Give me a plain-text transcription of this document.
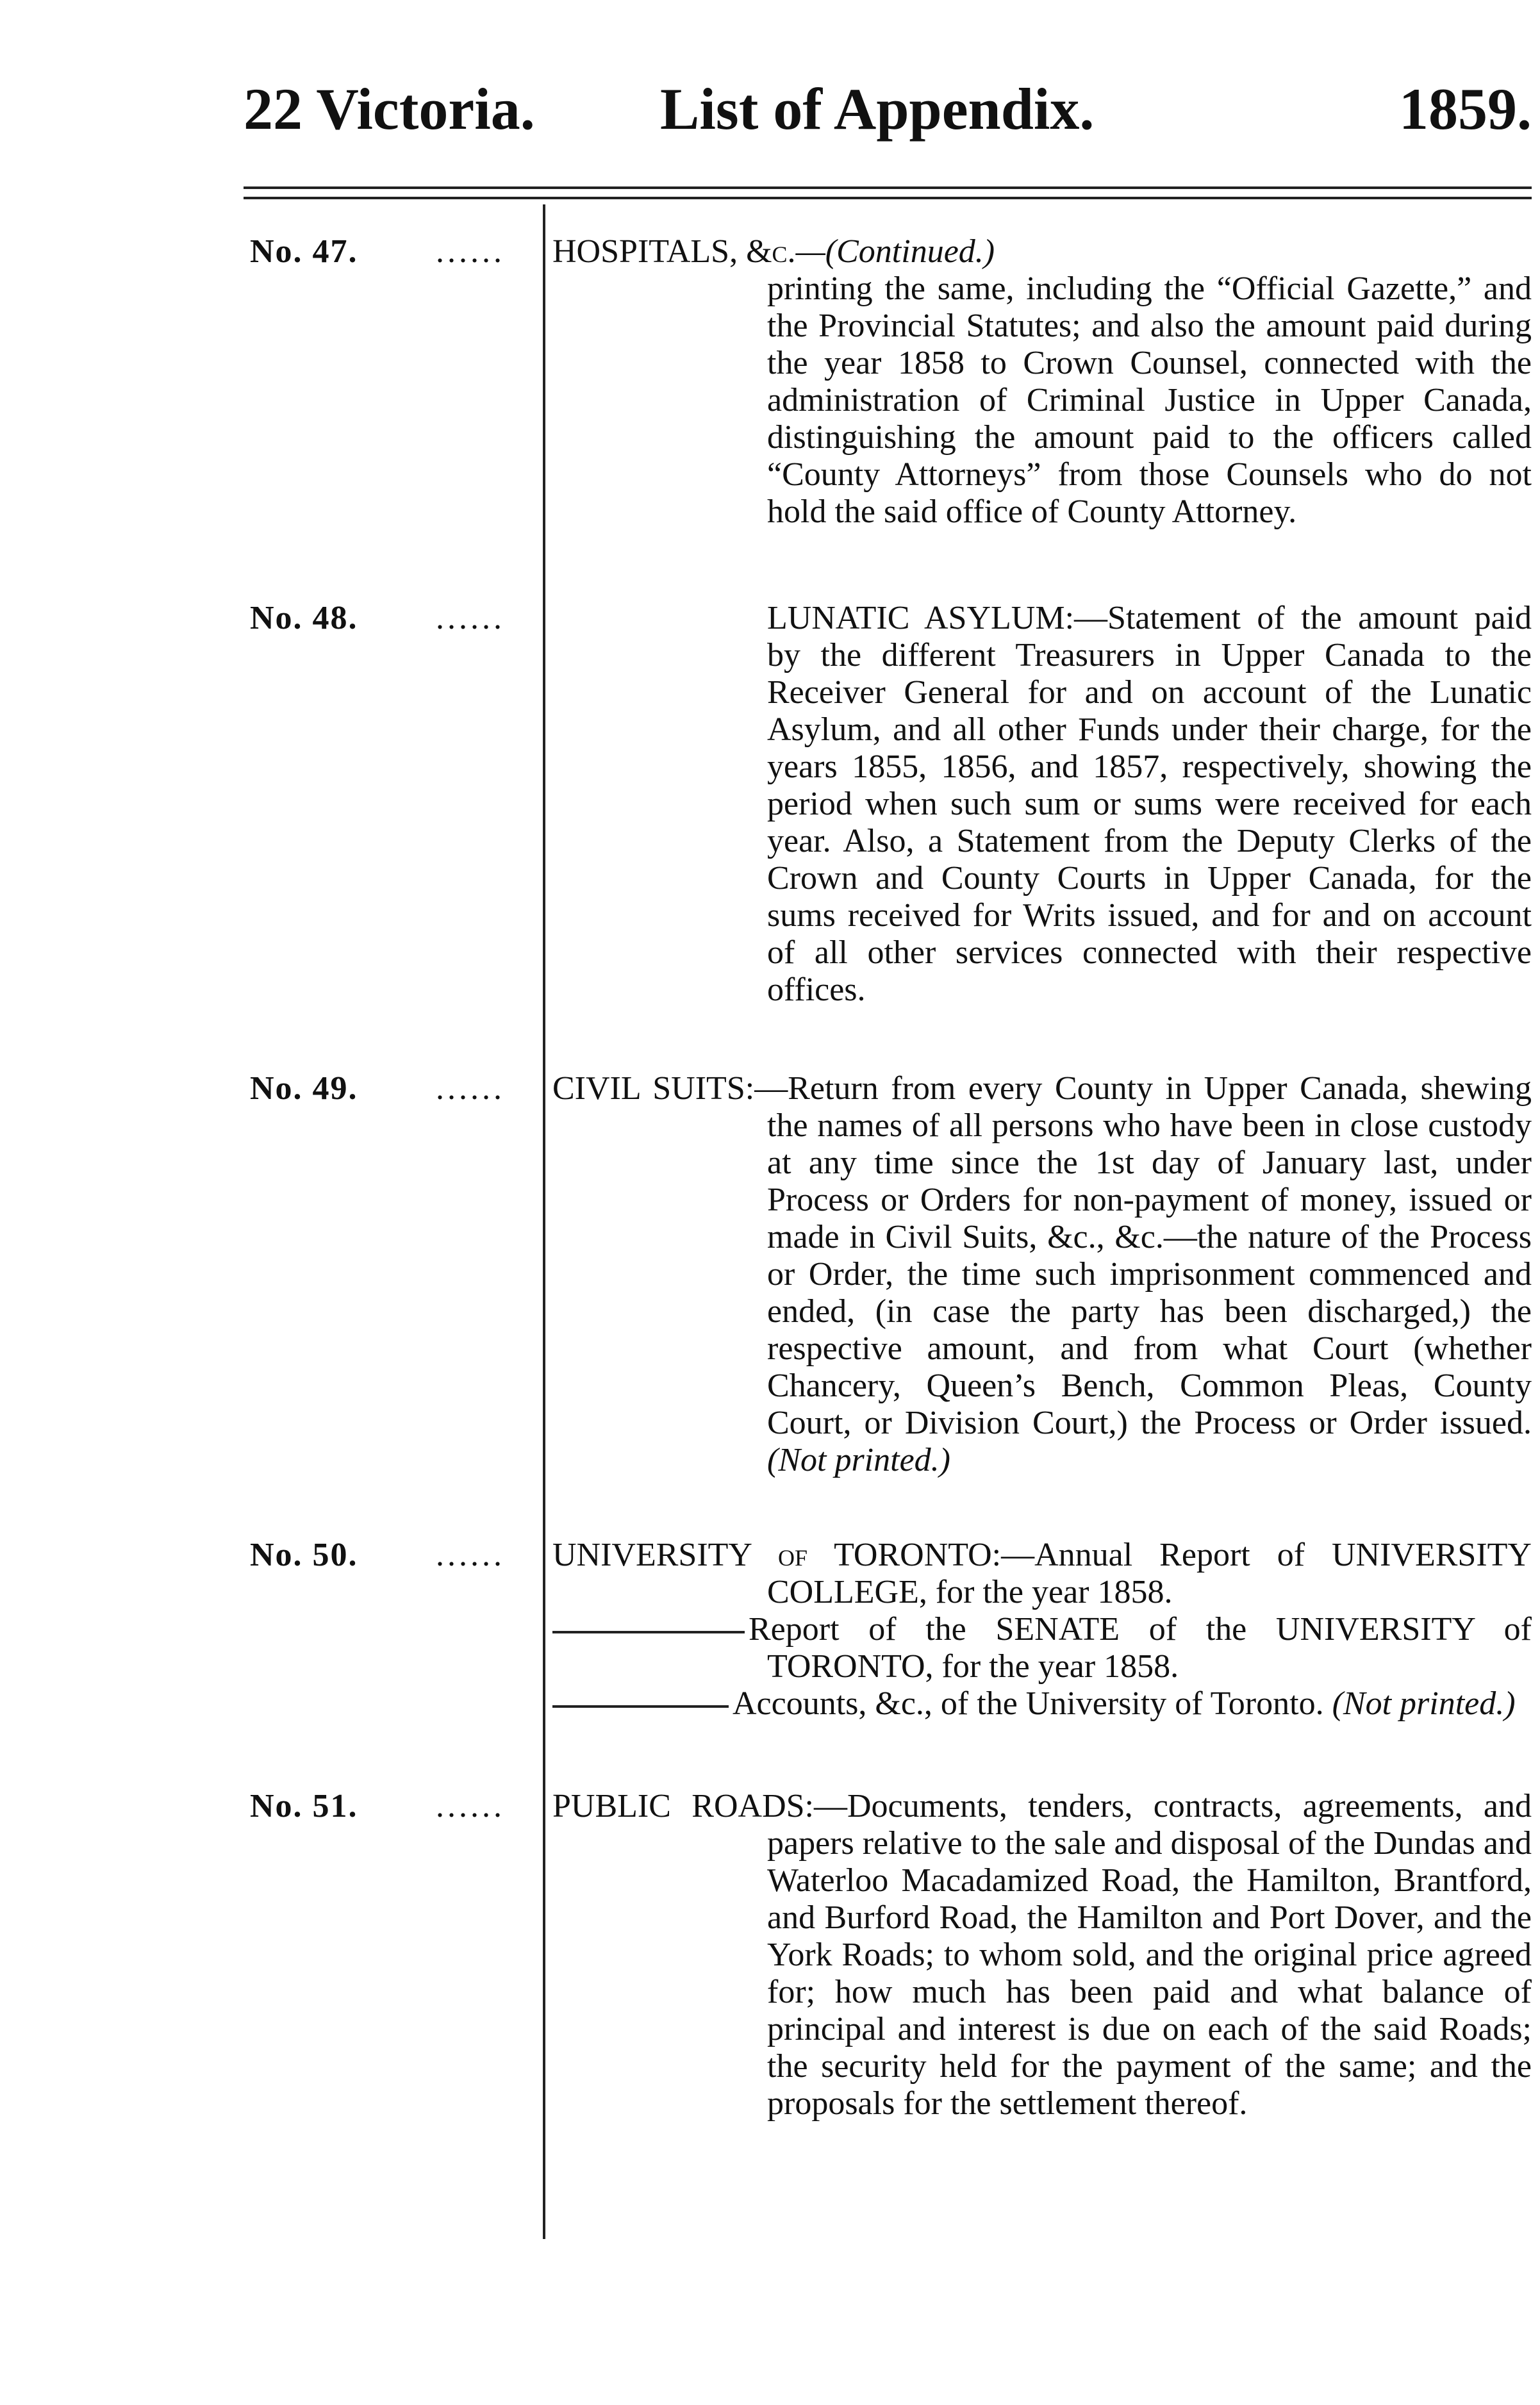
22 Victoria. List of Appendix.	1859.
No. 47. ...... HOSPITALS, &c.—(Continued.)

printing the same, including the “Official Gazette,” and the Provincial Statutes; and also the amount paid during the year 1858 to Crown Counsel, connected with the administration of Criminal Justice in Upper Canada, distinguishing the amount paid to the officers called “County Attorneys” from those Counsels who do not hold the said office of County Attorney.

No. 48. ......	LUNATIC ASYLUM:—Statement of the amount paid by the different Treasurers in Upper Canada to the Receiver General for and on account of the Lunatic Asylum, and all other Funds under their charge, for the years 1855, 1856, and 1857, respectively, showing the period when such sum or sums were received for each year. Also, a Statement from the Deputy Clerks of the Crown and County Courts in Upper Canada, for the sums received for Writs issued, and for and on account of all other services connected with their respective offices.

No. 49. ...... CIVIL SUITS:—Return from every County in Upper Canada, shewing the names of all persons who have been in close custody at any time since the 1st day of January last, under Process or Orders for non-payment of money, issued or made in Civil Suits, &c., &c.—the nature of the Process or Order, the time such imprisonment commenced and ended, (in case the party has been discharged,) the respective amount, and from what Court (whether Chancery, Queen’s Bench, Common Pleas, County Court, or Division Court,) the Process or Order issued. (Not printed.)

No. 50. ...... UNIVERSITY of TORONTO:—Annual Report of UNIVERSITY COLLEGE, for the year 1858.

Report of the SENATE of the UNIVERSITY of TORONTO, for the year 1858.

Accounts, &c., of the University of Toronto. (Not printed.)

No. 51. ...... PUBLIC ROADS:—Documents, tenders, contracts, agreements, and papers relative to the sale and disposal of the Dundas and Waterloo Macadamized Road, the Hamilton, Brantford, and Burford Road, the Hamilton and Port Dover, and the York Roads; to whom sold, and the original price agreed for; how much has been paid and what balance of principal and interest is due on each of the said Roads; the security held for the payment of the same; and the proposals for the settlement thereof.
